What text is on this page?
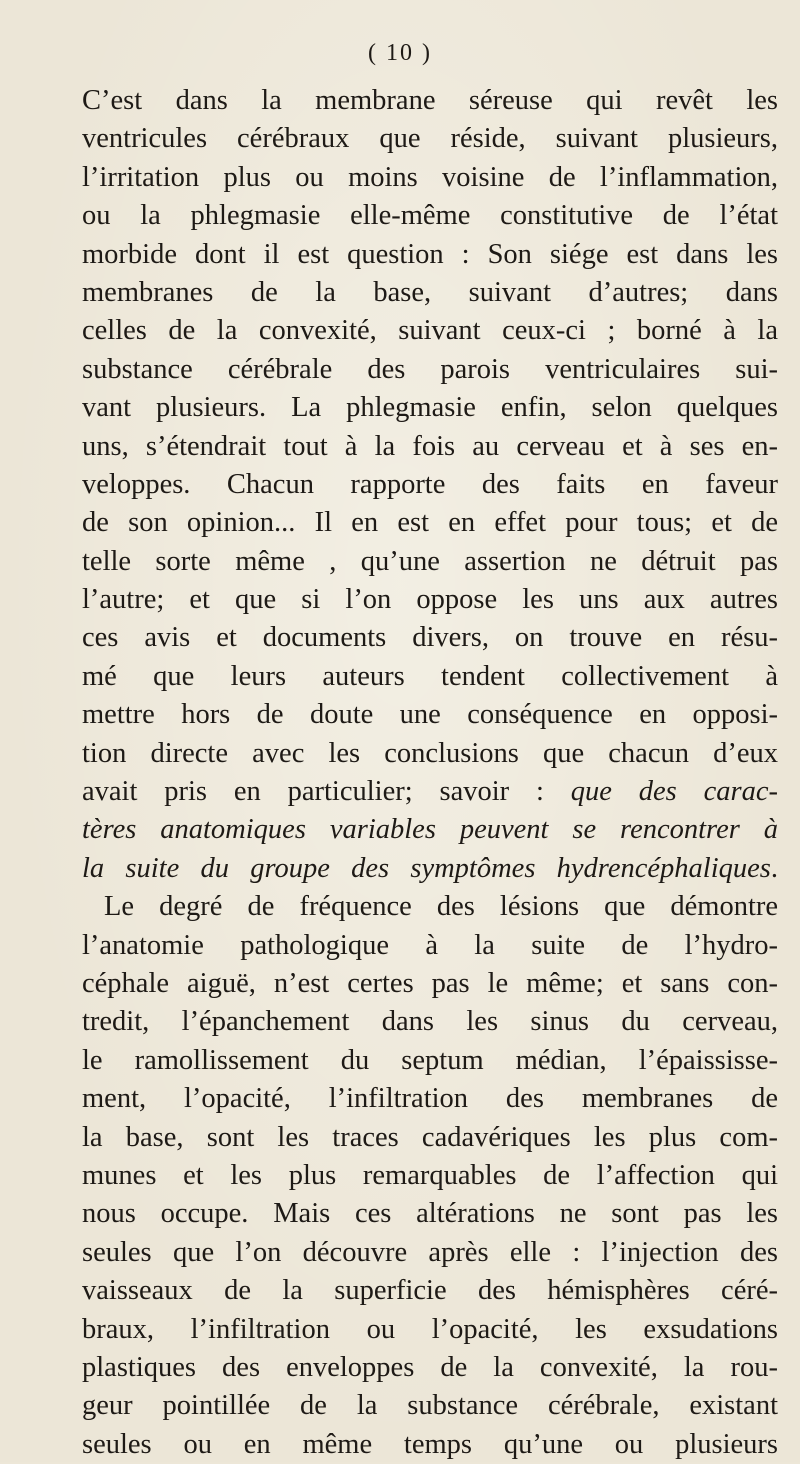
( 10 )
C’est dans la membrane séreuse qui revêt les
ventricules cérébraux que réside, suivant plusieurs,
l’irritation plus ou moins voisine de l’inflammation,
ou la phlegmasie elle-même constitutive de l’état
morbide dont il est question : Son siége est dans les
membranes de la base, suivant d’autres; dans
celles de la convexité, suivant ceux-ci ; borné à la
substance cérébrale des parois ventriculaires sui-
vant plusieurs. La phlegmasie enfin, selon quelques
uns, s’étendrait tout à la fois au cerveau et à ses en-
veloppes. Chacun rapporte des faits en faveur
de son opinion... Il en est en effet pour tous; et de
telle sorte même , qu’une assertion ne détruit pas
l’autre; et que si l’on oppose les uns aux autres
ces avis et documents divers, on trouve en résu-
mé que leurs auteurs tendent collectivement à
mettre hors de doute une conséquence en opposi-
tion directe avec les conclusions que chacun d’eux
avait pris en particulier; savoir : que des carac-
tères anatomiques variables peuvent se rencontrer à
la suite du groupe des symptômes hydrencéphaliques.
Le degré de fréquence des lésions que démontre
l’anatomie pathologique à la suite de l’hydro-
céphale aiguë, n’est certes pas le même; et sans con-
tredit, l’épanchement dans les sinus du cerveau,
le ramollissement du septum médian, l’épaississe-
ment, l’opacité, l’infiltration des membranes de
la base, sont les traces cadavériques les plus com-
munes et les plus remarquables de l’affection qui
nous occupe. Mais ces altérations ne sont pas les
seules que l’on découvre après elle : l’injection des
vaisseaux de la superficie des hémisphères céré-
braux, l’infiltration ou l’opacité, les exsudations
plastiques des enveloppes de la convexité, la rou-
geur pointillée de la substance cérébrale, existant
seules ou en même temps qu’une ou plusieurs
